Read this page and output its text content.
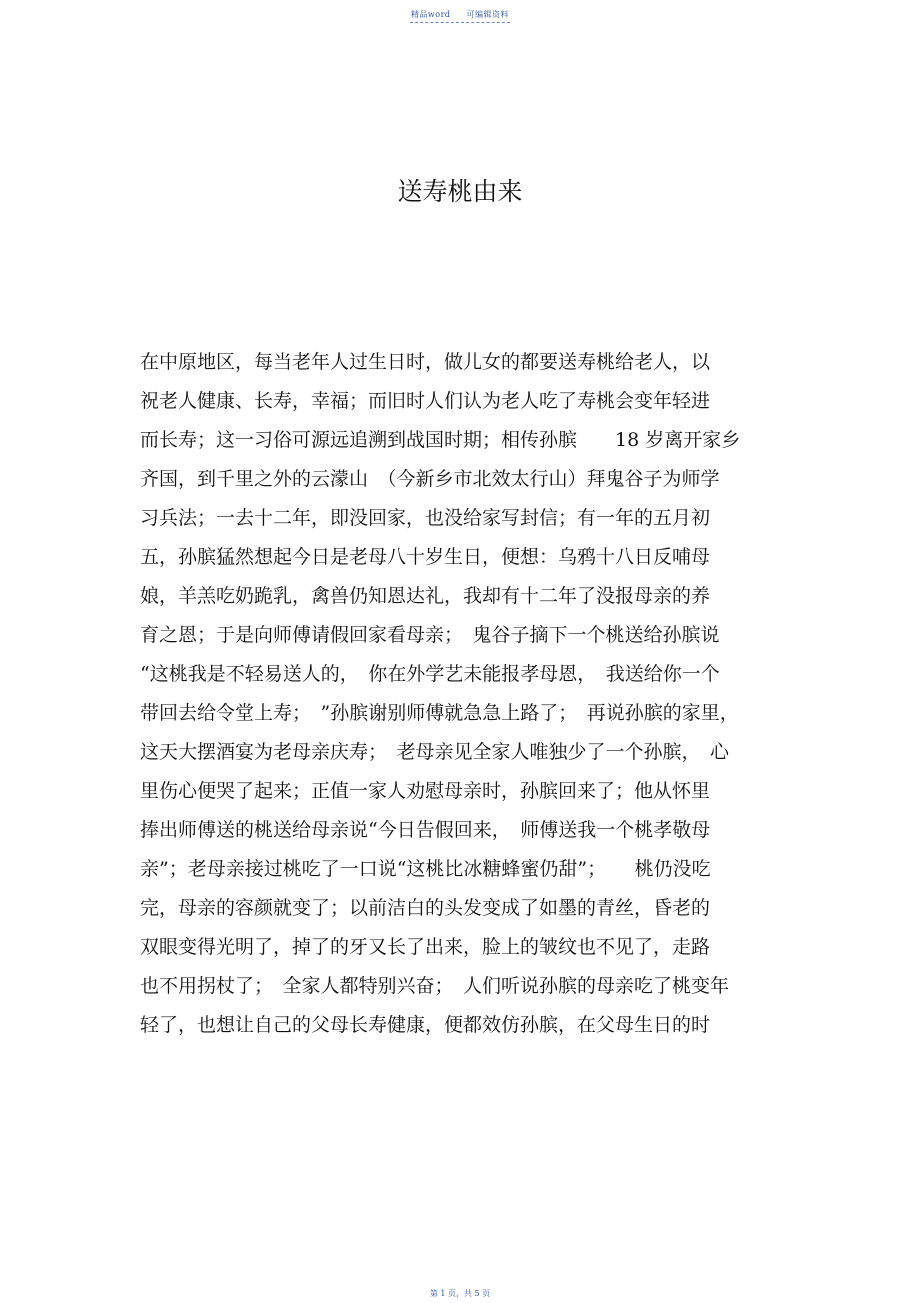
精品word 可编辑资料
送寿桃由来
在中原地区，每当老年人过生日时，做儿女的都要送寿桃给老人，以
祝老人健康、长寿，幸福；而旧时人们认为老人吃了寿桃会变年轻进
而长寿；这一习俗可源远追溯到战国时期；相传孙膑　　18 岁离开家乡
齐国，到千里之外的云濛山　（今新乡市北效太行山）拜鬼谷子为师学
习兵法；一去十二年，即没回家，也没给家写封信；有一年的五月初
五，孙膑猛然想起今日是老母八十岁生日，便想：乌鸦十八日反哺母
娘，羊羔吃奶跪乳，禽兽仍知恩达礼，我却有十二年了没报母亲的养
育之恩；于是向师傅请假回家看母亲；　鬼谷子摘下一个桃送给孙膑说
“这桃我是不轻易送人的，　你在外学艺未能报孝母恩，　我送给你一个
带回去给令堂上寿；　”孙膑谢别师傅就急急上路了；　再说孙膑的家里，
这天大摆酒宴为老母亲庆寿；　老母亲见全家人唯独少了一个孙膑，　心
里伤心便哭了起来；正值一家人劝慰母亲时，孙膑回来了；他从怀里
捧出师傅送的桃送给母亲说“今日告假回来，　师傅送我一个桃孝敬母
亲”；老母亲接过桃吃了一口说“这桃比冰糖蜂蜜仍甜”；　　桃仍没吃
完，母亲的容颜就变了；以前洁白的头发变成了如墨的青丝，昏老的
双眼变得光明了，掉了的牙又长了出来，脸上的皱纹也不见了，走路
也不用拐杖了；　全家人都特别兴奋；　人们听说孙膑的母亲吃了桃变年
轻了，也想让自己的父母长寿健康，便都效仿孙膑，在父母生日的时
第 1 页，共 5 页
